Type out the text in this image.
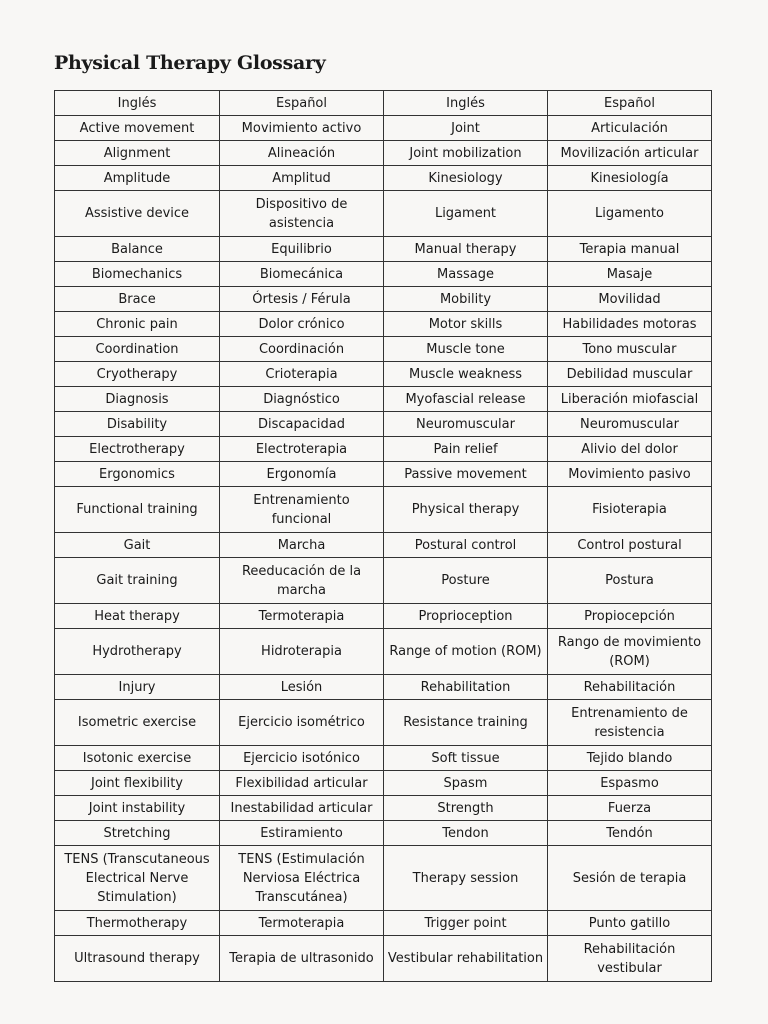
Physical Therapy Glossary
Inglés	Español	Inglés	Español
Active movement	Movimiento activo	Joint	Articulación
Alignment	Alineación	Joint mobilization	Movilización articular
Amplitude	Amplitud	Kinesiology	Kinesiología
Assistive device	Dispositivo de asistencia	Ligament	Ligamento
Balance	Equilibrio	Manual therapy	Terapia manual
Biomechanics	Biomecánica	Massage	Masaje
Brace	Órtesis / Férula	Mobility	Movilidad
Chronic pain	Dolor crónico	Motor skills	Habilidades motoras
Coordination	Coordinación	Muscle tone	Tono muscular
Cryotherapy	Crioterapia	Muscle weakness	Debilidad muscular
Diagnosis	Diagnóstico	Myofascial release	Liberación miofascial
Disability	Discapacidad	Neuromuscular	Neuromuscular
Electrotherapy	Electroterapia	Pain relief	Alivio del dolor
Ergonomics	Ergonomía	Passive movement	Movimiento pasivo
Functional training	Entrenamiento funcional	Physical therapy	Fisioterapia
Gait	Marcha	Postural control	Control postural
Gait training	Reeducación de la marcha	Posture	Postura
Heat therapy	Termoterapia	Proprioception	Propiocepción
Hydrotherapy	Hidroterapia	Range of motion (ROM)	Rango de movimiento (ROM)
Injury	Lesión	Rehabilitation	Rehabilitación
Isometric exercise	Ejercicio isométrico	Resistance training	Entrenamiento de resistencia
Isotonic exercise	Ejercicio isotónico	Soft tissue	Tejido blando
Joint flexibility	Flexibilidad articular	Spasm	Espasmo
Joint instability	Inestabilidad articular	Strength	Fuerza
Stretching	Estiramiento	Tendon	Tendón
TENS (Transcutaneous Electrical Nerve Stimulation)	TENS (Estimulación Nerviosa Eléctrica Transcutánea)	Therapy session	Sesión de terapia
Thermotherapy	Termoterapia	Trigger point	Punto gatillo
Ultrasound therapy	Terapia de ultrasonido	Vestibular rehabilitation	Rehabilitación vestibular
